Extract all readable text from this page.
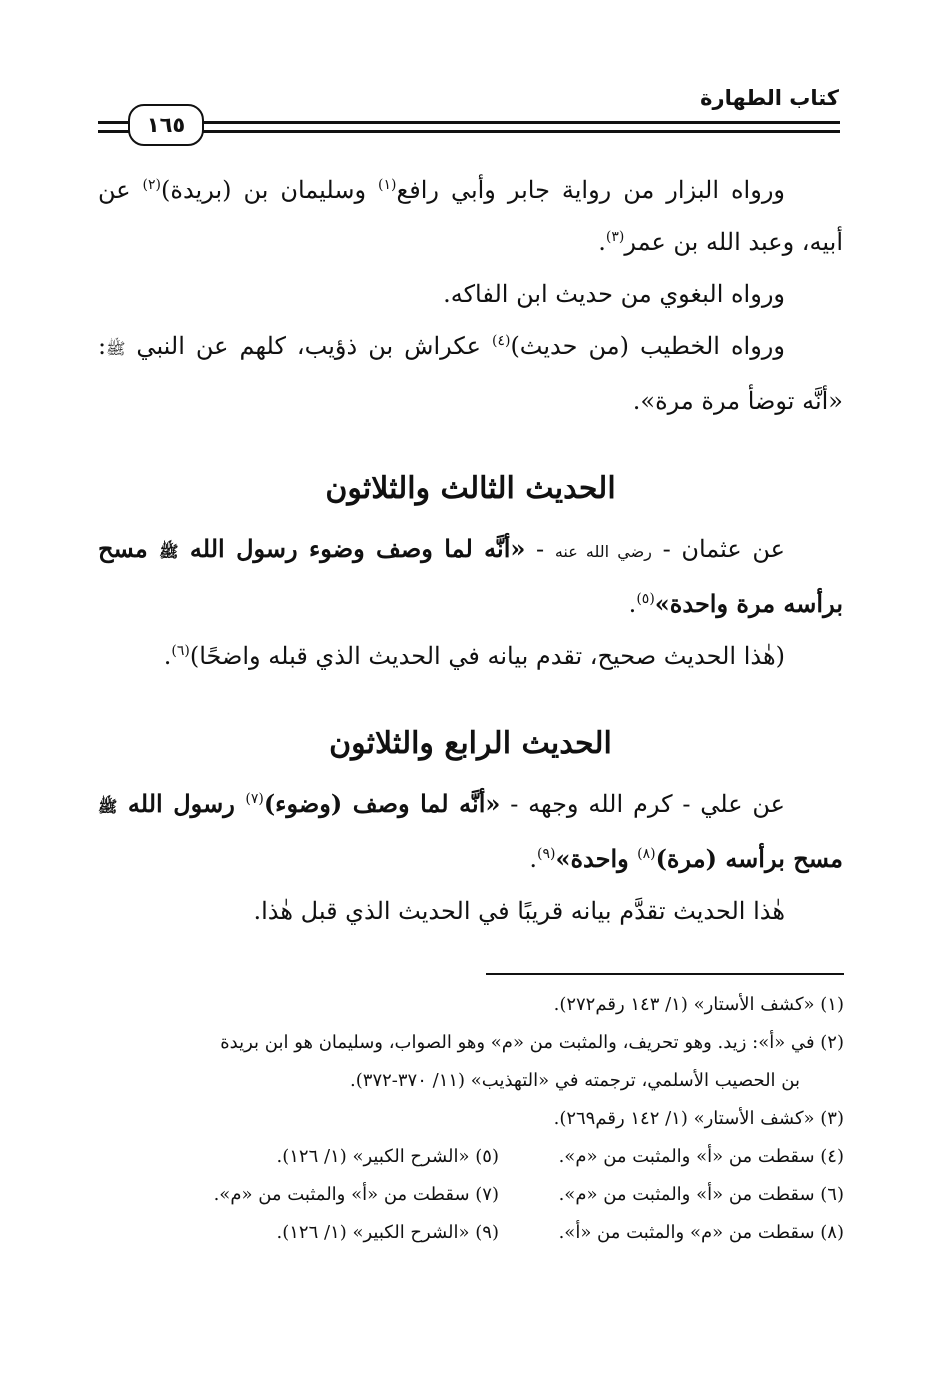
كتاب الطهارة
١٦٥

ورواه البزار من رواية جابر وأبي رافع$^{(١)}$ وسليمان بن (بريدة)$^{(٢)}$ عن أبيه، وعبد الله بن عمر$^{(٣)}$.

ورواه البغوي من حديث ابن الفاكه.

ورواه الخطيب (من حديث)$^{(٤)}$ عكراش بن ذؤيب، كلهم عن النبي ﷺ: «أنَّه توضأ مرة مرة».

الحديث الثالث والثلاثون

عن عثمان - رضي الله عنه - «أنَّه لما وصف وضوء رسول الله ﷺ مسح برأسه مرة واحدة»$^{(٥)}$.

(هٰذا الحديث صحيح، تقدم بيانه في الحديث الذي قبله واضحًا)$^{(٦)}$.

الحديث الرابع والثلاثون

عن علي - كرم الله وجهه - «أنَّه لما وصف (وضوء)$^{(٧)}$ رسول الله ﷺ مسح برأسه (مرة)$^{(٨)}$ واحدة»$^{(٩)}$.

هٰذا الحديث تقدَّم بيانه قريبًا في الحديث الذي قبل هٰذا.

(١) «كشف الأستار» (١/ ١٤٣ رقم٢٧٢).

(٢) في «أ»: زيد. وهو تحريف، والمثبت من «م» وهو الصواب، وسليمان هو ابن بريدة

بن الحصيب الأسلمي، ترجمته في «التهذيب» (١١/ ٣٧٠-٣٧٢).

(٣) «كشف الأستار» (١/ ١٤٢ رقم٢٦٩).

(٤) سقطت من «أ» والمثبت من «م».
(٥) «الشرح الكبير» (١/ ١٢٦).
(٦) سقطت من «أ» والمثبت من «م».
(٧) سقطت من «أ» والمثبت من «م».
(٨) سقطت من «م» والمثبت من «أ».
(٩) «الشرح الكبير» (١/ ١٢٦).
